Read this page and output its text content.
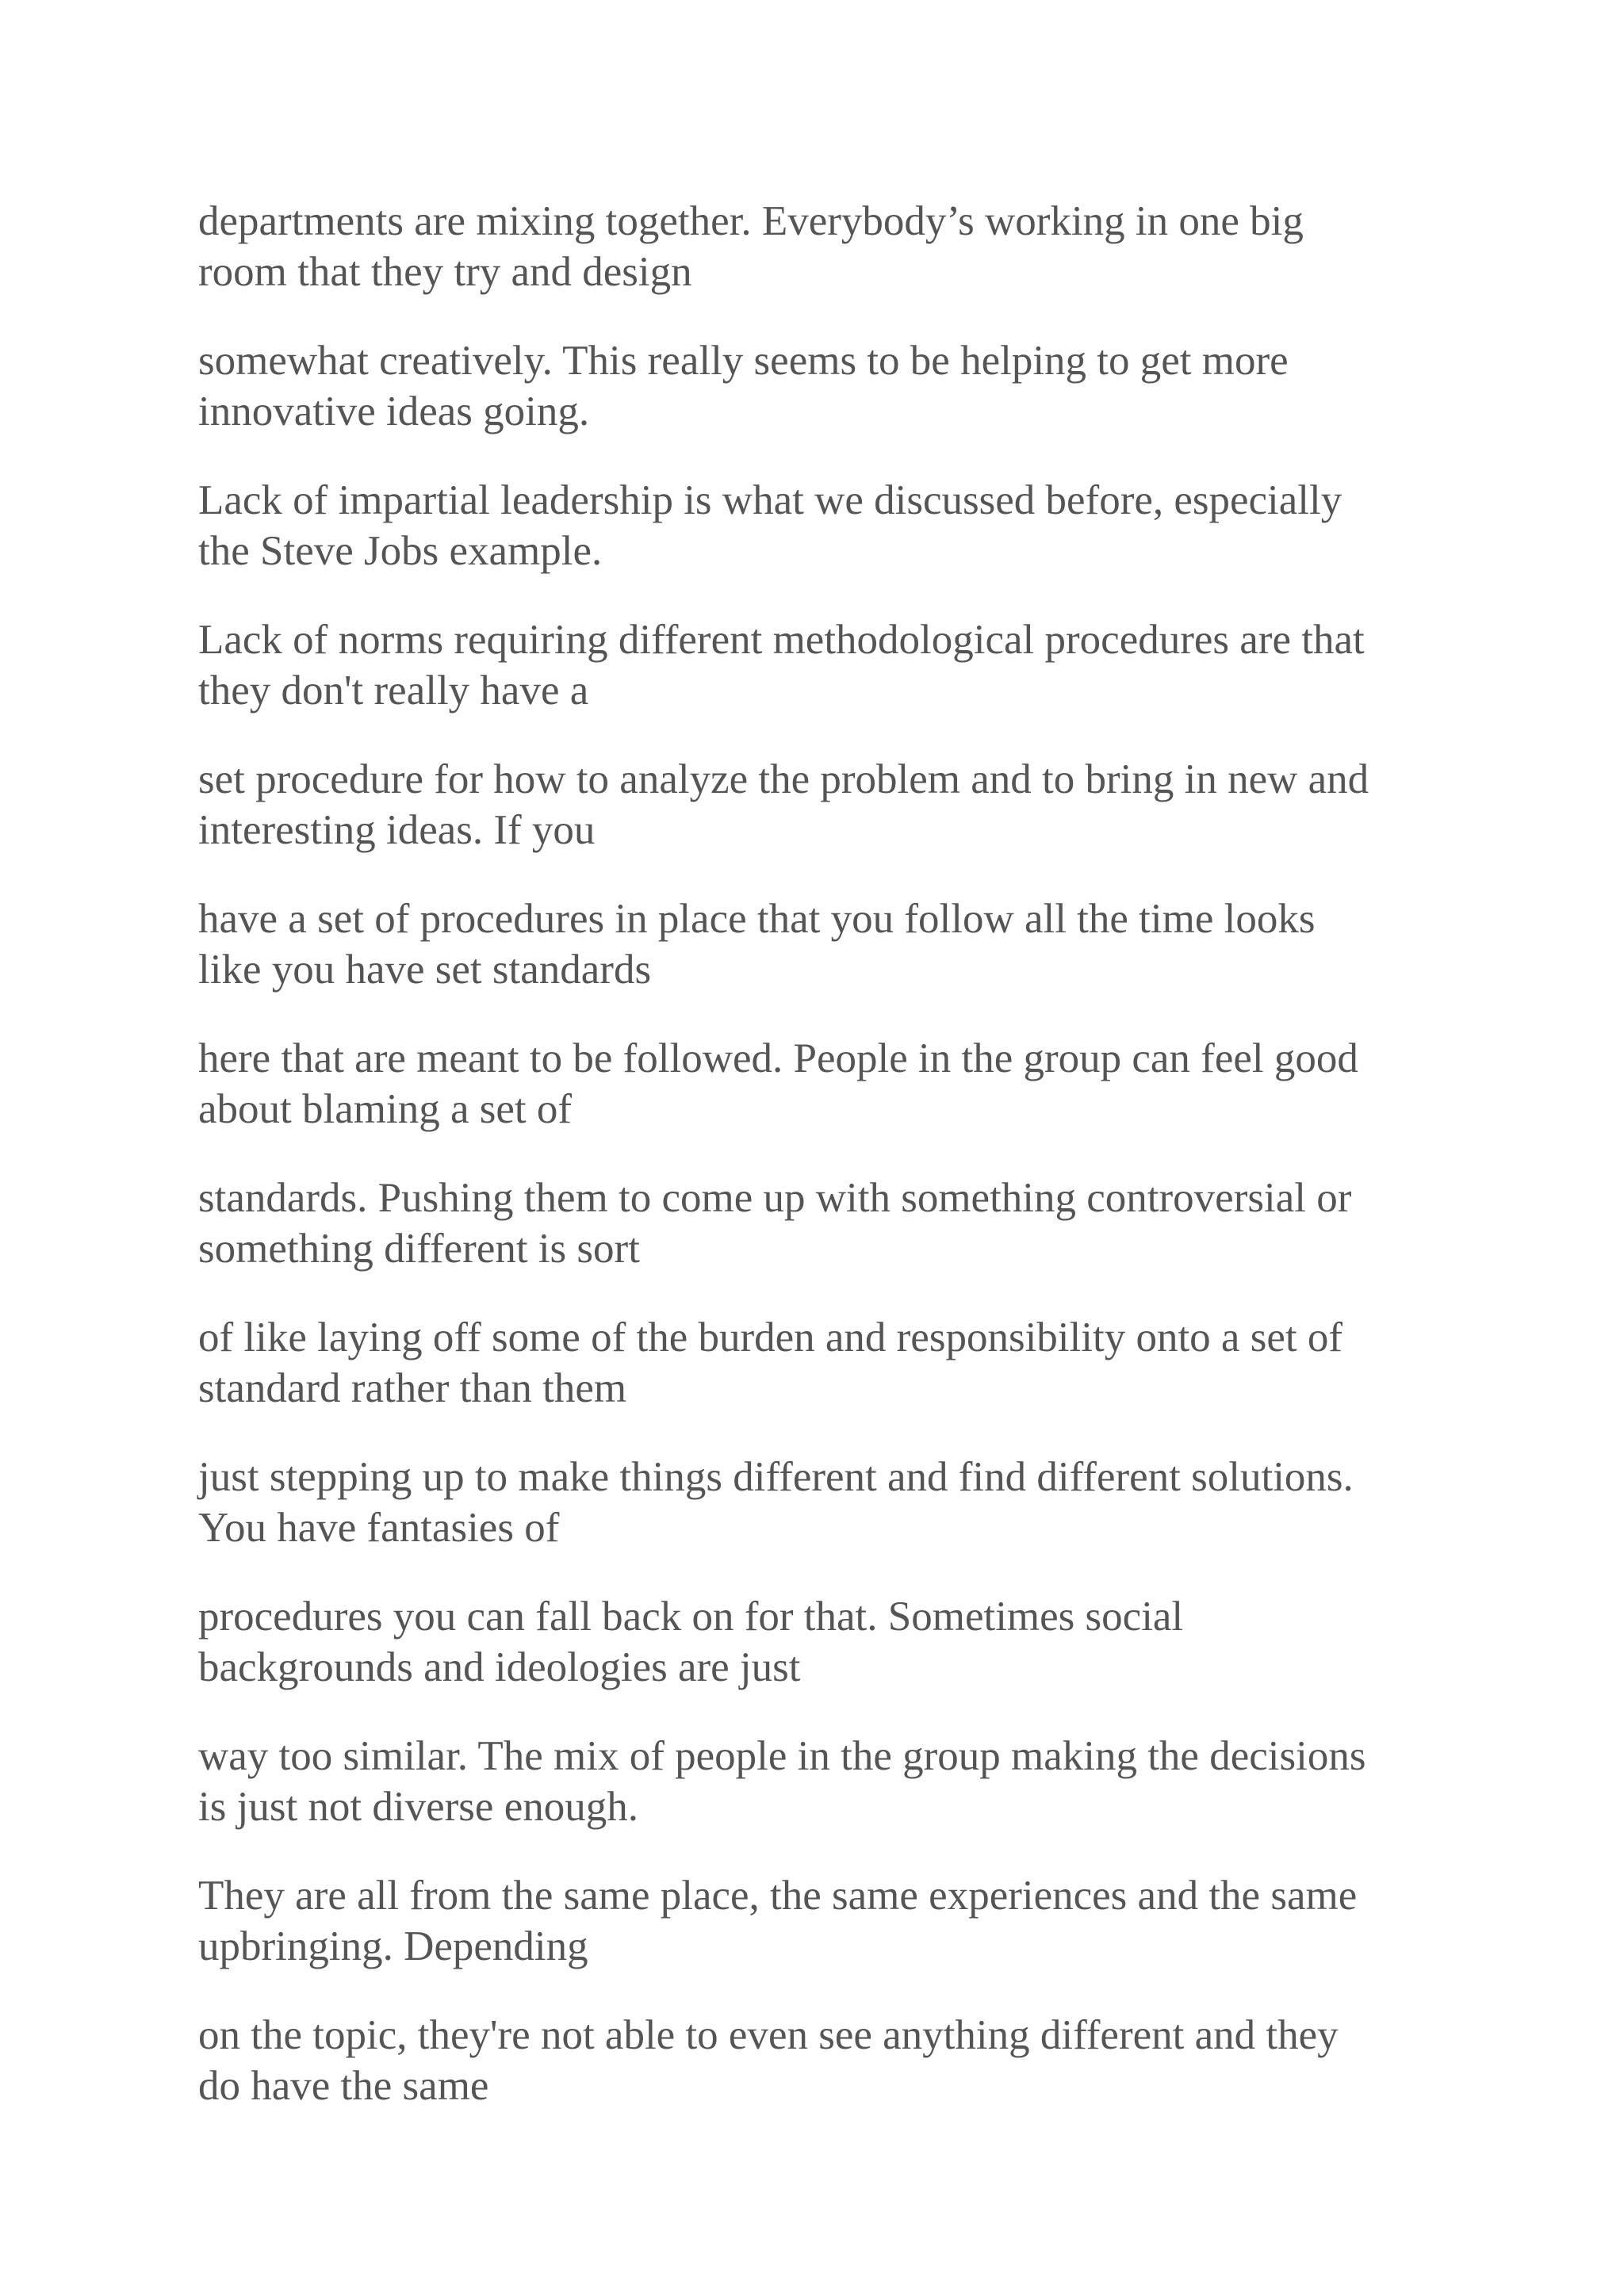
departments are mixing together. Everybody’s working in one big
room that they try and design

somewhat creatively. This really seems to be helping to get more
innovative ideas going.

Lack of impartial leadership is what we discussed before, especially
the Steve Jobs example.

Lack of norms requiring different methodological procedures are that
they don't really have a

set procedure for how to analyze the problem and to bring in new and
interesting ideas. If you

have a set of procedures in place that you follow all the time looks
like you have set standards

here that are meant to be followed. People in the group can feel good
about blaming a set of

standards. Pushing them to come up with something controversial or
something different is sort

of like laying off some of the burden and responsibility onto a set of
standard rather than them

just stepping up to make things different and find different solutions.
You have fantasies of

procedures you can fall back on for that. Sometimes social
backgrounds and ideologies are just

way too similar. The mix of people in the group making the decisions
is just not diverse enough.

They are all from the same place, the same experiences and the same
upbringing. Depending

on the topic, they're not able to even see anything different and they
do have the same
